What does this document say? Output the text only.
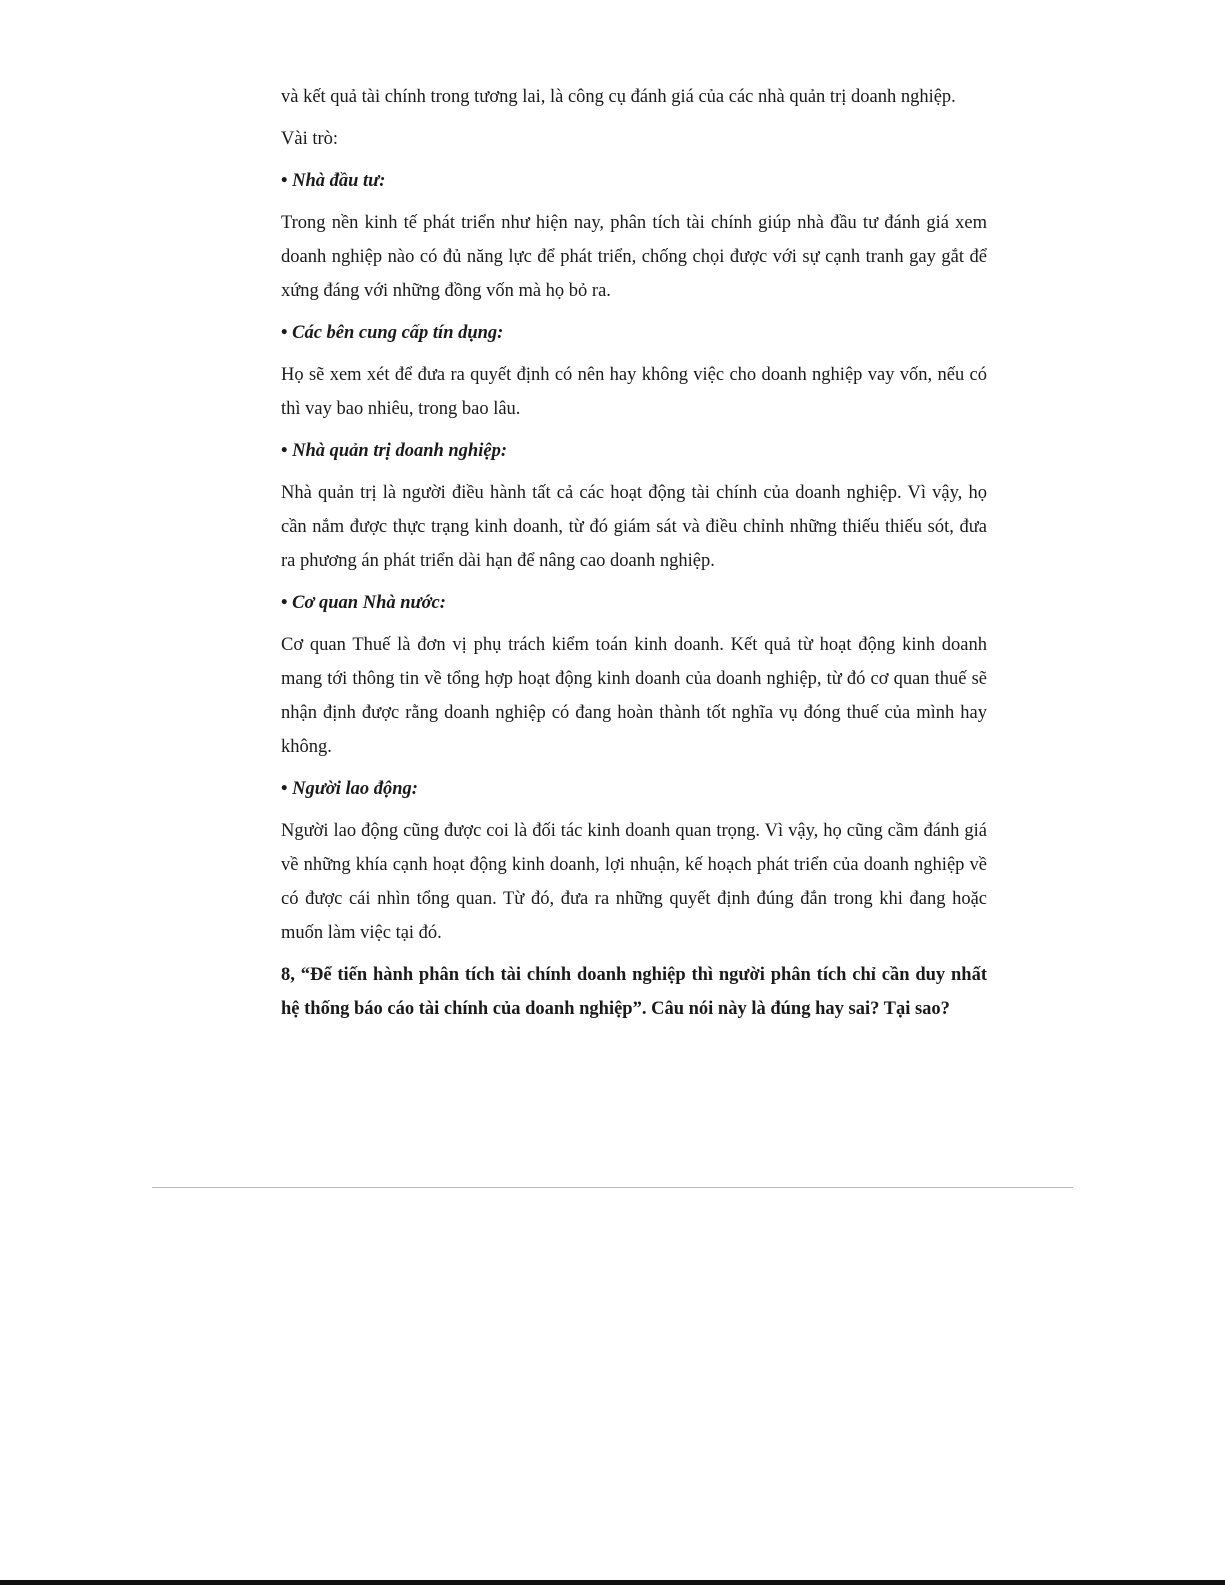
và kết quả tài chính trong tương lai, là công cụ đánh giá của các nhà quản trị doanh nghiệp.

Vài trò:

• Nhà đầu tư:

Trong nền kinh tế phát triển như hiện nay, phân tích tài chính giúp nhà đầu tư đánh giá xem doanh nghiệp nào có đủ năng lực để phát triển, chống chọi được với sự cạnh tranh gay gắt để xứng đáng với những đồng vốn mà họ bỏ ra.

• Các bên cung cấp tín dụng:

Họ sẽ xem xét để đưa ra quyết định có nên hay không việc cho doanh nghiệp vay vốn, nếu có thì vay bao nhiêu, trong bao lâu.

• Nhà quản trị doanh nghiệp:

Nhà quản trị là người điều hành tất cả các hoạt động tài chính của doanh nghiệp. Vì vậy, họ cần nắm được thực trạng kinh doanh, từ đó giám sát và điều chỉnh những thiếu thiếu sót, đưa ra phương án phát triển dài hạn để nâng cao doanh nghiệp.

• Cơ quan Nhà nước:

Cơ quan Thuế là đơn vị phụ trách kiểm toán kinh doanh. Kết quả từ hoạt động kinh doanh mang tới thông tin về tổng hợp hoạt động kinh doanh của doanh nghiệp, từ đó cơ quan thuế sẽ nhận định được rằng doanh nghiệp có đang hoàn thành tốt nghĩa vụ đóng thuế của mình hay không.

• Người lao động:

Người lao động cũng được coi là đối tác kinh doanh quan trọng. Vì vậy, họ cũng cầm đánh giá về những khía cạnh hoạt động kinh doanh, lợi nhuận, kế hoạch phát triển của doanh nghiệp về có được cái nhìn tổng quan. Từ đó, đưa ra những quyết định đúng đắn trong khi đang hoặc muốn làm việc tại đó.

8, “Để tiến hành phân tích tài chính doanh nghiệp thì người phân tích chỉ cần duy nhất hệ thống báo cáo tài chính của doanh nghiệp”. Câu nói này là đúng hay sai? Tại sao?
